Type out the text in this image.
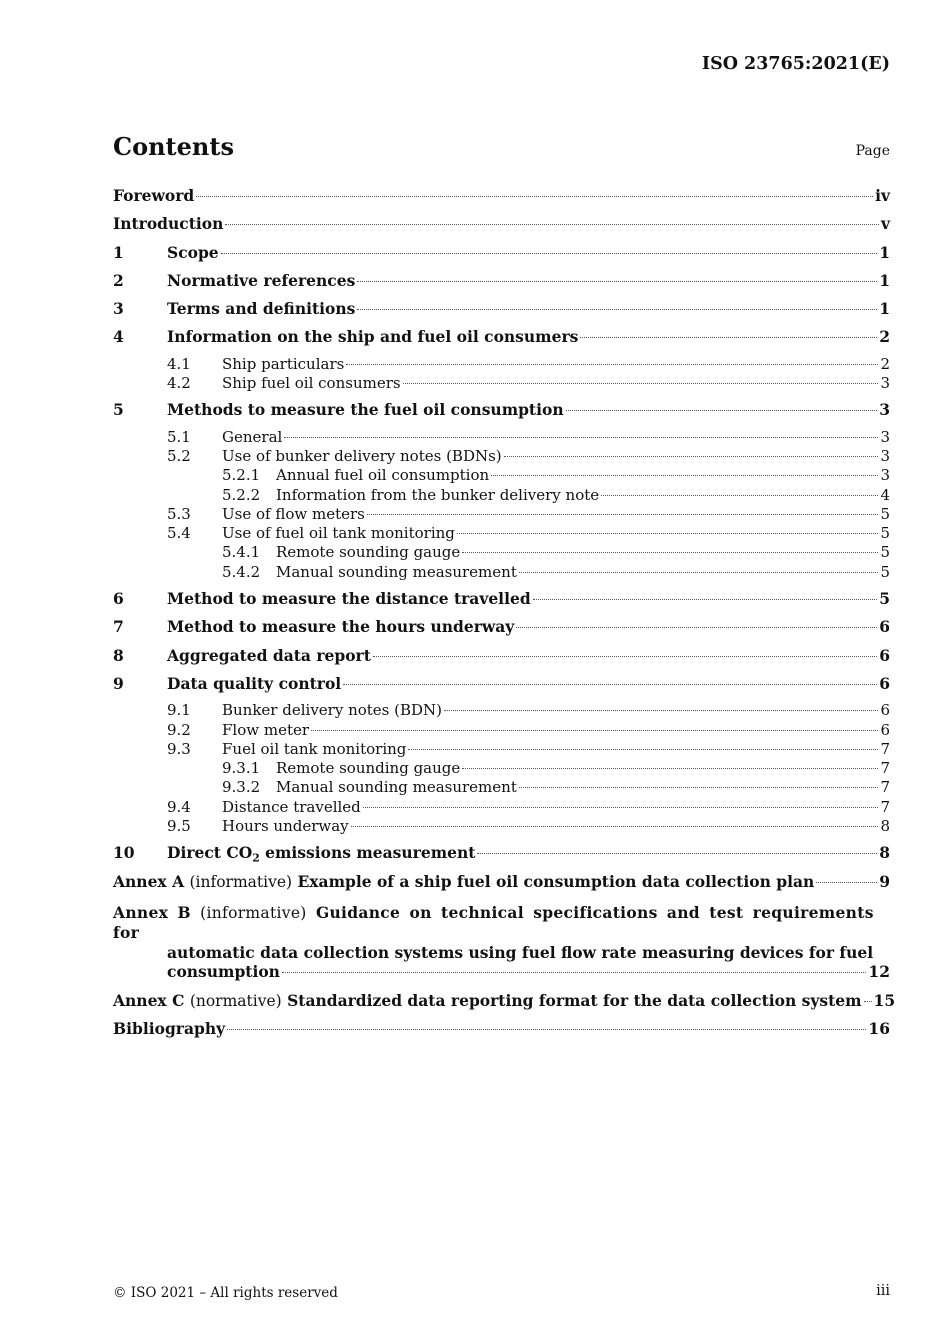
ISO 23765:2021(E)
Contents	Page
Foreword	iv
Introduction	v
1	Scope	1
2	Normative references	1
3	Terms and definitions	1
4	Information on the ship and fuel oil consumers	2
4.1	Ship particulars	2
4.2	Ship fuel oil consumers	3
5	Methods to measure the fuel oil consumption	3
5.1	General	3
5.2	Use of bunker delivery notes (BDNs)	3
5.2.1	Annual fuel oil consumption	3
5.2.2	Information from the bunker delivery note	4
5.3	Use of flow meters	5
5.4	Use of fuel oil tank monitoring	5
5.4.1	Remote sounding gauge	5
5.4.2	Manual sounding measurement	5
6	Method to measure the distance travelled	5
7	Method to measure the hours underway	6
8	Aggregated data report	6
9	Data quality control	6
9.1	Bunker delivery notes (BDN)	6
9.2	Flow meter	6
9.3	Fuel oil tank monitoring	7
9.3.1	Remote sounding gauge	7
9.3.2	Manual sounding measurement	7
9.4	Distance travelled	7
9.5	Hours underway	8
10	Direct $CO_2$ emissions measurement	8
Annex A (informative) Example of a ship fuel oil consumption data collection plan	9
Annex B (informative) Guidance on technical specifications and test requirements for
automatic data collection systems using fuel flow rate measuring devices for fuel
consumption	12
Annex C (normative) Standardized data reporting format for the data collection system 15
Bibliography	16
© ISO 2021 – All rights reserved	iii
